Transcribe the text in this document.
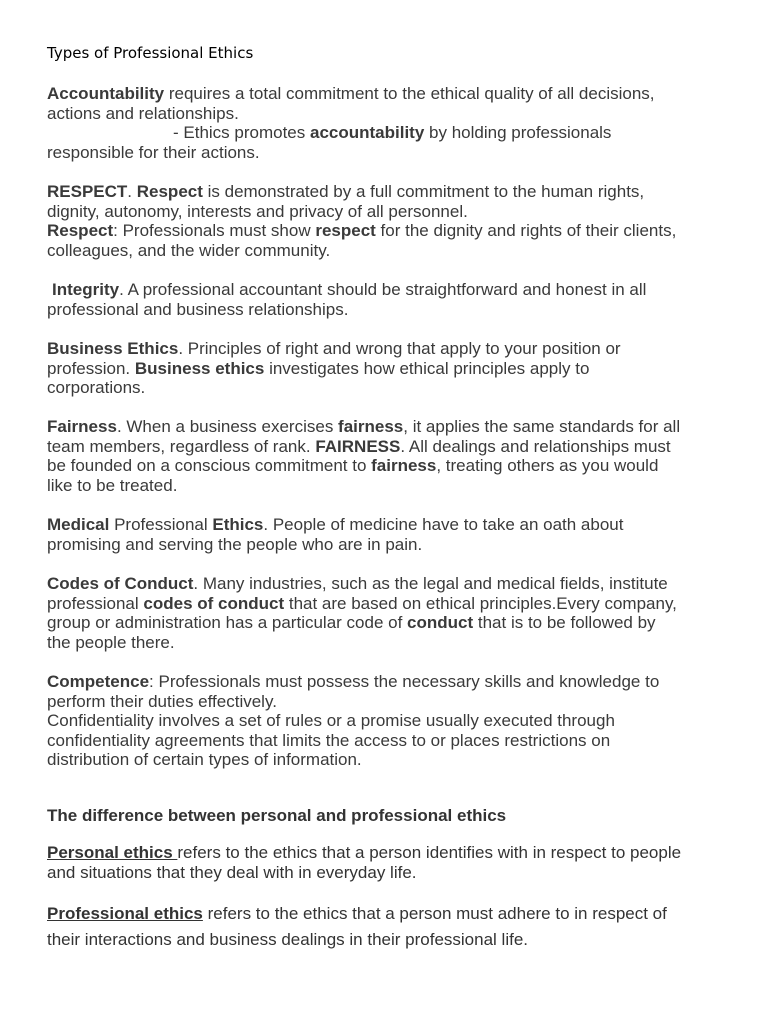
Types of Professional Ethics
Accountability requires a total commitment to the ethical quality of all decisions,
actions and relationships.
- Ethics promotes accountability by holding professionals
responsible for their actions.
RESPECT. Respect is demonstrated by a full commitment to the human rights,
dignity, autonomy, interests and privacy of all personnel.
Respect: Professionals must show respect for the dignity and rights of their clients,
colleagues, and the wider community.
Integrity. A professional accountant should be straightforward and honest in all
professional and business relationships.
Business Ethics. Principles of right and wrong that apply to your position or
profession. Business ethics investigates how ethical principles apply to
corporations.
Fairness. When a business exercises fairness, it applies the same standards for all
team members, regardless of rank. FAIRNESS. All dealings and relationships must
be founded on a conscious commitment to fairness, treating others as you would
like to be treated.
Medical Professional Ethics. People of medicine have to take an oath about
promising and serving the people who are in pain.
Codes of Conduct. Many industries, such as the legal and medical fields, institute
professional codes of conduct that are based on ethical principles.Every company,
group or administration has a particular code of conduct that is to be followed by
the people there.
Competence: Professionals must possess the necessary skills and knowledge to
perform their duties effectively.
Confidentiality involves a set of rules or a promise usually executed through
confidentiality agreements that limits the access to or places restrictions on
distribution of certain types of information.
The difference between personal and professional ethics
Personal ethics refers to the ethics that a person identifies with in respect to people
and situations that they deal with in everyday life.
Professional ethics refers to the ethics that a person must adhere to in respect of
their interactions and business dealings in their professional life.
